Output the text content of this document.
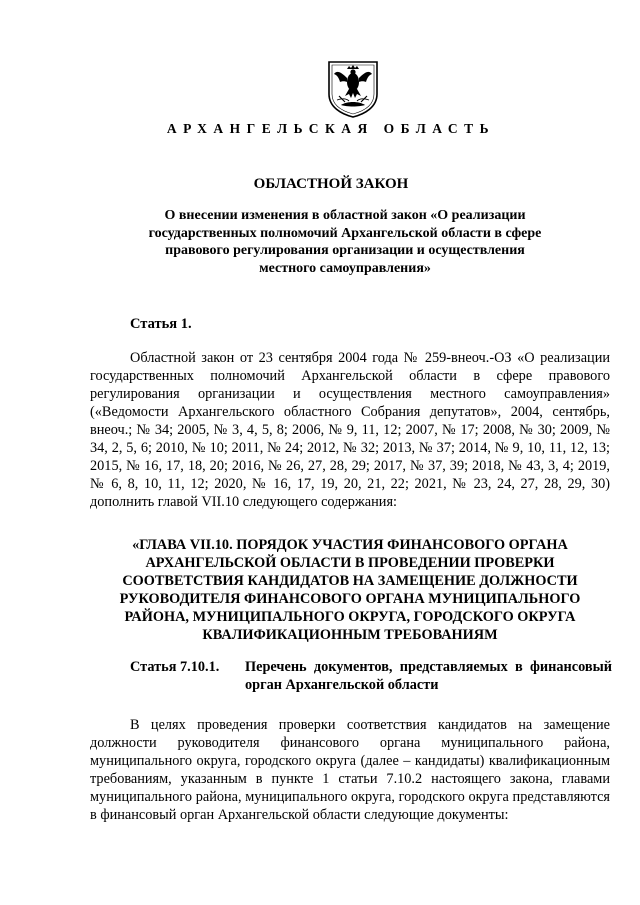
АРХАНГЕЛЬСКАЯ ОБЛАСТЬ
ОБЛАСТНОЙ ЗАКОН
О внесении изменения в областной закон «О реализации государственных полномочий Архангельской области в сфере правового регулирования организации и осуществления местного самоуправления»
Статья 1.
Областной закон от 23 сентября 2004 года № 259-внеоч.-ОЗ «О реализации государственных полномочий Архангельской области в сфере правового регулирования организации и осуществления местного самоуправления» («Ведомости Архангельского областного Собрания депутатов», 2004, сентябрь, внеоч.; № 34; 2005, № 3, 4, 5, 8; 2006, № 9, 11, 12; 2007, № 17; 2008, № 30; 2009, № 34, 2, 5, 6; 2010, № 10; 2011, № 24; 2012, № 32; 2013, № 37; 2014, № 9, 10, 11, 12, 13; 2015, № 16, 17, 18, 20; 2016, № 26, 27, 28, 29; 2017, № 37, 39; 2018, № 43, 3, 4; 2019, № 6, 8, 10, 11, 12; 2020, № 16, 17, 19, 20, 21, 22; 2021, № 23, 24, 27, 28, 29, 30) дополнить главой VII.10 следующего содержания:
«ГЛАВА VII.10. ПОРЯДОК УЧАСТИЯ ФИНАНСОВОГО ОРГАНА АРХАНГЕЛЬСКОЙ ОБЛАСТИ В ПРОВЕДЕНИИ ПРОВЕРКИ СООТВЕТСТВИЯ КАНДИДАТОВ НА ЗАМЕЩЕНИЕ ДОЛЖНОСТИ РУКОВОДИТЕЛЯ ФИНАНСОВОГО ОРГАНА МУНИЦИПАЛЬНОГО РАЙОНА, МУНИЦИПАЛЬНОГО ОКРУГА, ГОРОДСКОГО ОКРУГА КВАЛИФИКАЦИОННЫМ ТРЕБОВАНИЯМ
Статья 7.10.1. Перечень документов, представляемых в финансовый орган Архангельской области
В целях проведения проверки соответствия кандидатов на замещение должности руководителя финансового органа муниципального района, муниципального округа, городского округа (далее – кандидаты) квалификационным требованиям, указанным в пункте 1 статьи 7.10.2 настоящего закона, главами муниципального района, муниципального округа, городского округа представляются в финансовый орган Архангельской области следующие документы:
